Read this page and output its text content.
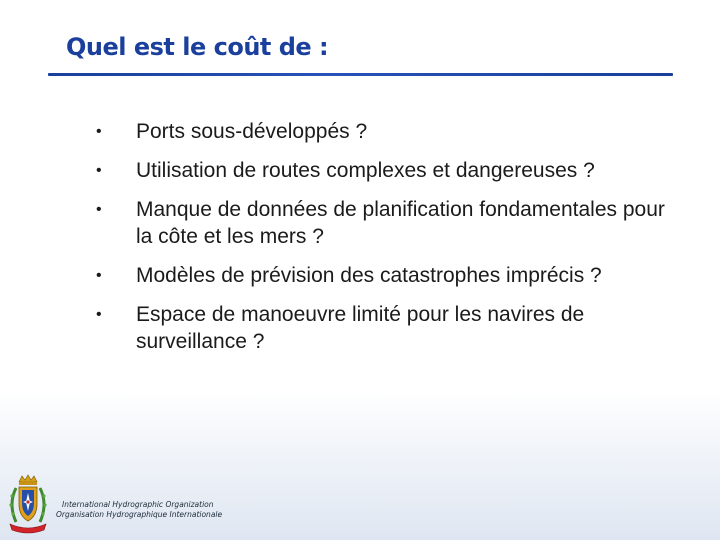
Quel est le coût de :
• Ports sous-développés ?
• Utilisation de routes complexes et dangereuses ?
• Manque de données de planification fondamentales pour la côte et les mers ?
• Modèles de prévision des catastrophes imprécis ?
• Espace de manoeuvre limité pour les navires de surveillance ?
International Hydrographic Organization
Organisation Hydrographique Internationale
